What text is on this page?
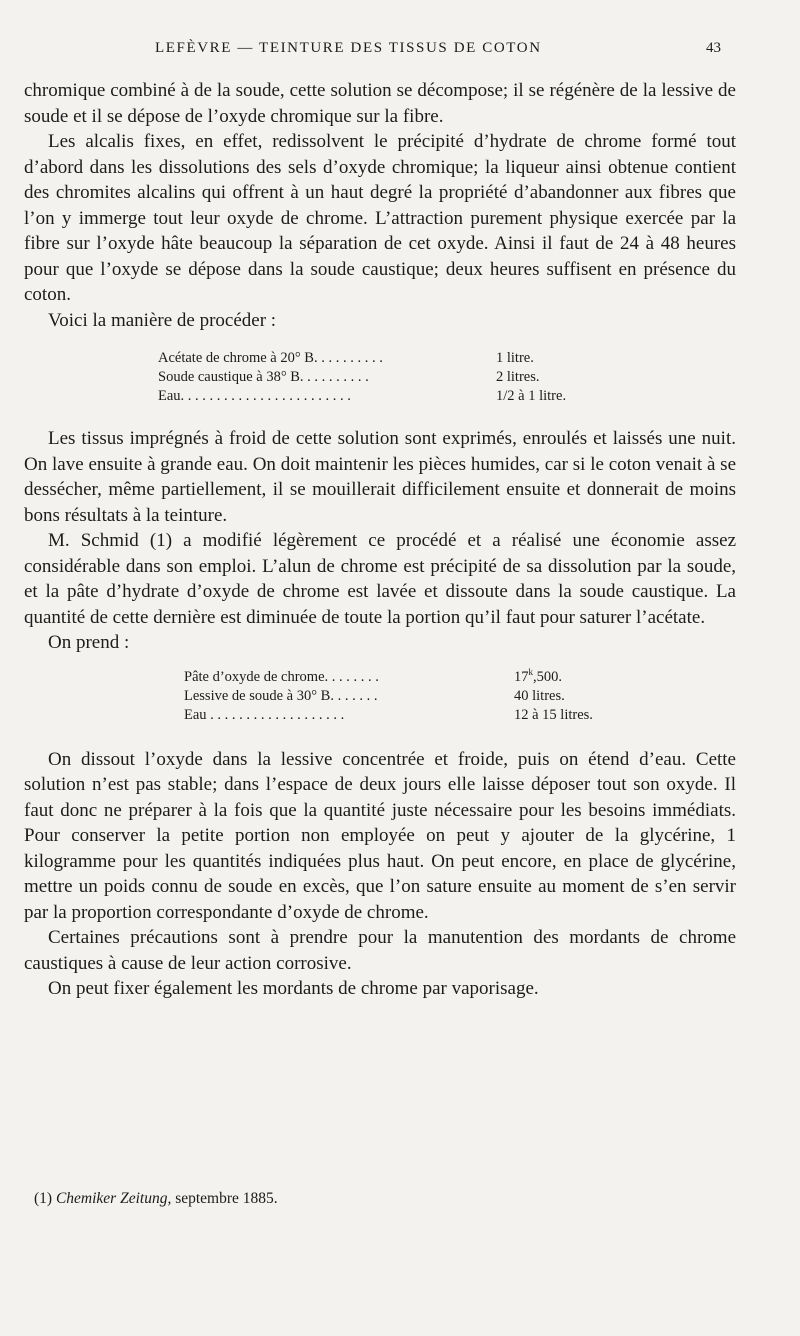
LEFÈVRE — TEINTURE DES TISSUS DE COTON	43

chromique combiné à de la soude, cette solution se décompose; il se régénère de la lessive de soude et il se dépose de l’oxyde chromique sur la fibre.

Les alcalis fixes, en effet, redissolvent le précipité d’hydrate de chrome formé tout d’abord dans les dissolutions des sels d’oxyde chromique; la liqueur ainsi obtenue contient des chromites alcalins qui offrent à un haut degré la propriété d’abandonner aux fibres que l’on y immerge tout leur oxyde de chrome. L’attraction purement physique exercée par la fibre sur l’oxyde hâte beaucoup la séparation de cet oxyde. Ainsi il faut de 24 à 48 heures pour que l’oxyde se dépose dans la soude caustique; deux heures suffisent en présence du coton.

Voici la manière de procéder :

Acétate de chrome à 20° B. . . . . . . . . .	1 litre.
Soude caustique à 38° B. . . . . . . . . .	2 litres.
Eau. . . . . . . . . . . . . . . . . . . . . . . .	1/2 à 1 litre.

Les tissus imprégnés à froid de cette solution sont exprimés, enroulés et laissés une nuit. On lave ensuite à grande eau. On doit maintenir les pièces humides, car si le coton venait à se dessécher, même partiellement, il se mouillerait difficilement ensuite et donnerait de moins bons résultats à la teinture.

M. Schmid (1) a modifié légèrement ce procédé et a réalisé une économie assez considérable dans son emploi. L’alun de chrome est précipité de sa dissolution par la soude, et la pâte d’hydrate d’oxyde de chrome est lavée et dissoute dans la soude caustique. La quantité de cette dernière est diminuée de toute la portion qu’il faut pour saturer l’acétate.

On prend :

Pâte d’oxyde de chrome. . . . . . . .	17$^k$,500.
Lessive de soude à 30° B. . . . . . .	40 litres.
Eau . . . . . . . . . . . . . . . . . . .	12 à 15 litres.

On dissout l’oxyde dans la lessive concentrée et froide, puis on étend d’eau. Cette solution n’est pas stable; dans l’espace de deux jours elle laisse déposer tout son oxyde. Il faut donc ne préparer à la fois que la quantité juste nécessaire pour les besoins immédiats. Pour conserver la petite portion non employée on peut y ajouter de la glycérine, 1 kilogramme pour les quantités indiquées plus haut. On peut encore, en place de glycérine, mettre un poids connu de soude en excès, que l’on sature ensuite au moment de s’en servir par la proportion correspondante d’oxyde de chrome.

Certaines précautions sont à prendre pour la manutention des mordants de chrome caustiques à cause de leur action corrosive.

On peut fixer également les mordants de chrome par vaporisage.

(1) Chemiker Zeitung, septembre 1885.
